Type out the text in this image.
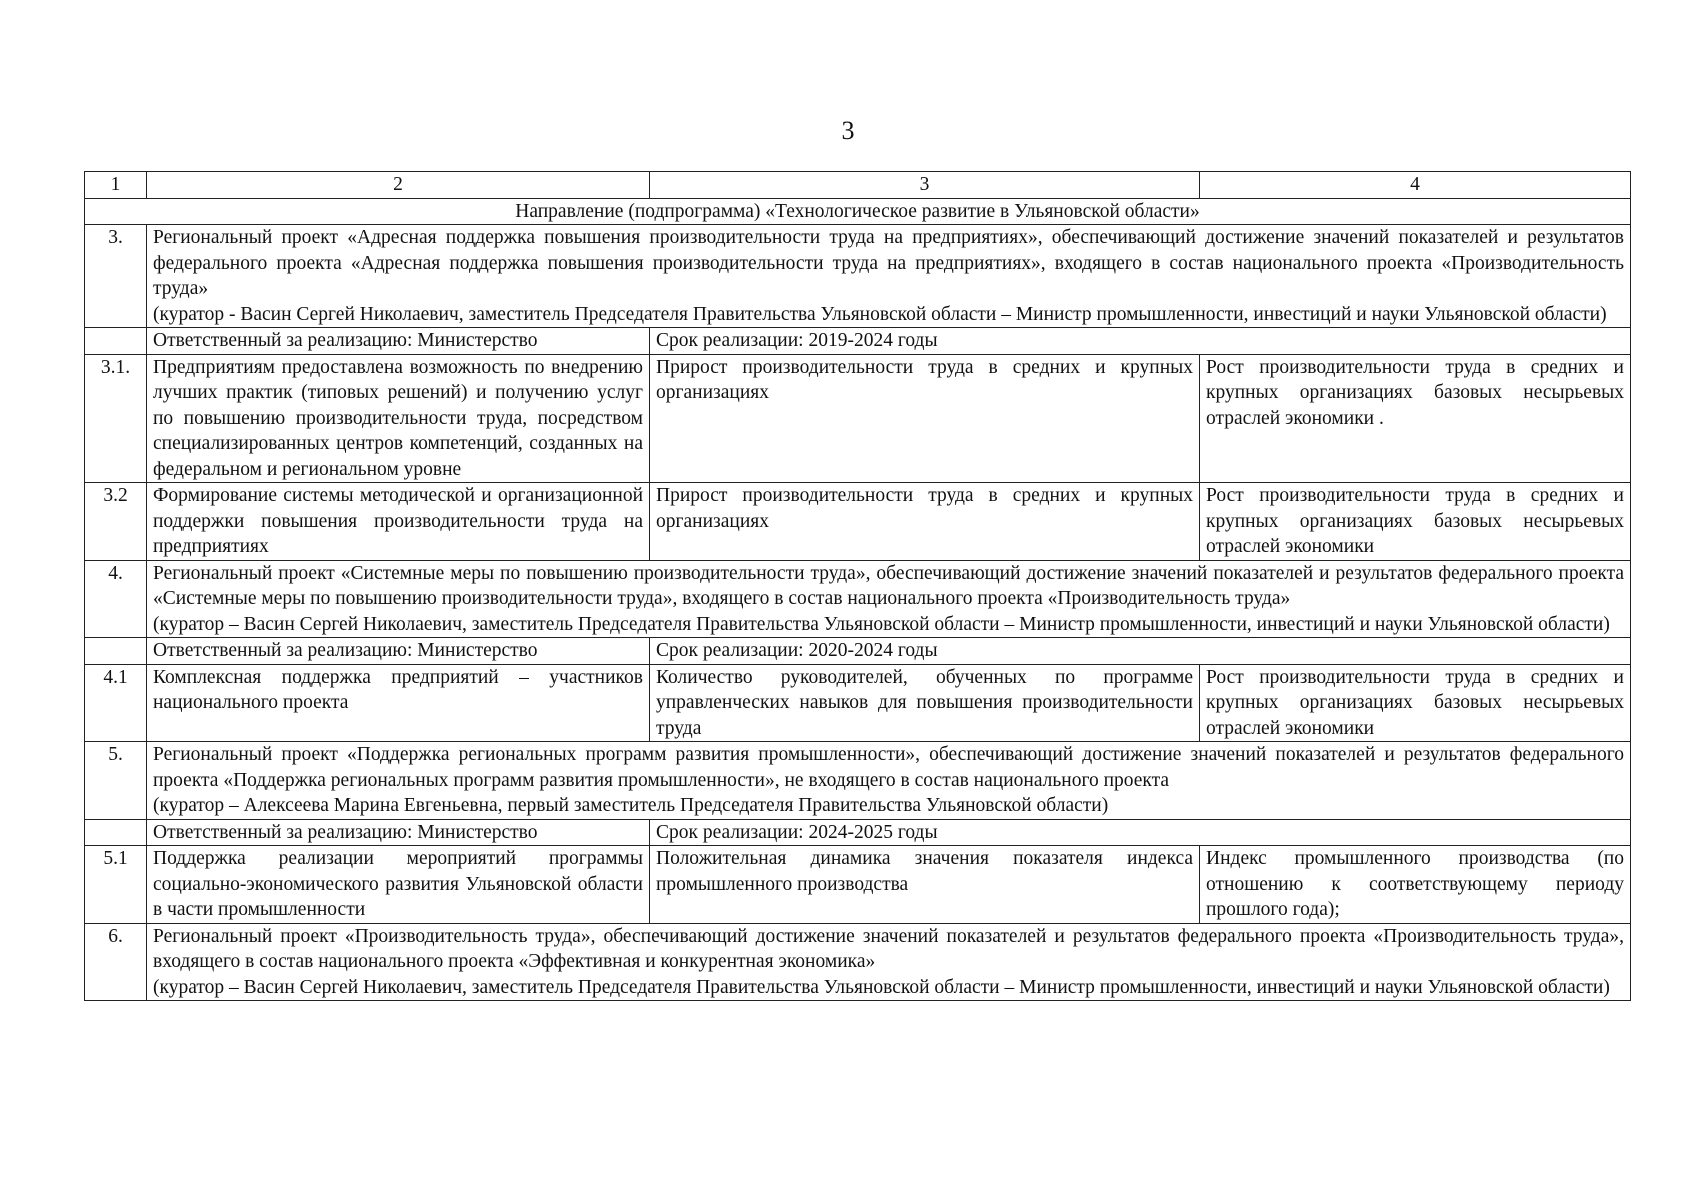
3
1	2	3	4
Направление (подпрограмма) «Технологическое развитие в Ульяновской области»			
3.	Региональный проект «Адресная поддержка повышения производительности труда на предприятиях», обеспечивающий достижение значений показателей и результатов федерального проекта «Адресная поддержка повышения производительности труда на предприятиях», входящего в состав национального проекта «Производительность труда»
(куратор - Васин Сергей Николаевич, заместитель Председателя Правительства Ульяновской области – Министр промышленности, инвестиций и науки Ульяновской области)		

	Ответственный за реализацию: Министерство	Срок реализации: 2019-2024 годы	
3.1.	Предприятиям предоставлена возможность по внедрению лучших практик (типовых решений) и получению услуг по повышению производительности труда, посредством специализированных центров компетенций, созданных на федеральном и региональном уровне	Прирост производительности труда в средних и крупных организациях	Рост производительности труда в средних и крупных организациях базовых несырьевых отраслей экономики .
3.2	Формирование системы методической и организационной поддержки повышения производительности труда на предприятиях	Прирост производительности труда в средних и крупных организациях	Рост производительности труда в средних и крупных организациях базовых несырьевых отраслей экономики
4.	Региональный проект «Системные меры по повышению производительности труда», обеспечивающий достижение значений показателей и результатов федерального проекта «Системные меры по повышению производительности труда», входящего в состав национального проекта «Производительность труда»
(куратор – Васин Сергей Николаевич, заместитель Председателя Правительства Ульяновской области – Министр промышленности, инвестиций и науки Ульяновской области)		

	Ответственный за реализацию: Министерство	Срок реализации: 2020-2024 годы	
4.1	Комплексная поддержка предприятий – участников национального проекта	Количество руководителей, обученных по программе управленческих навыков для повышения производительности труда	Рост производительности труда в средних и крупных организациях базовых несырьевых отраслей экономики
5.	Региональный проект «Поддержка региональных программ развития промышленности», обеспечивающий достижение значений показателей и результатов федерального проекта «Поддержка региональных программ развития промышленности», не входящего в состав национального проекта
(куратор – Алексеева Марина Евгеньевна, первый заместитель Председателя Правительства Ульяновской области)		

	Ответственный за реализацию: Министерство	Срок реализации: 2024-2025 годы	
5.1	Поддержка реализации мероприятий программы социально-экономического развития Ульяновской области в части промышленности	Положительная динамика значения показателя индекса промышленного производства	Индекс промышленного производства (по отношению к соответствующему периоду прошлого года);
6.	Региональный проект «Производительность труда», обеспечивающий достижение значений показателей и результатов федерального проекта «Производительность труда», входящего в состав национального проекта «Эффективная и конкурентная экономика»
(куратор – Васин Сергей Николаевич, заместитель Председателя Правительства Ульяновской области – Министр промышленности, инвестиций и науки Ульяновской области)		
